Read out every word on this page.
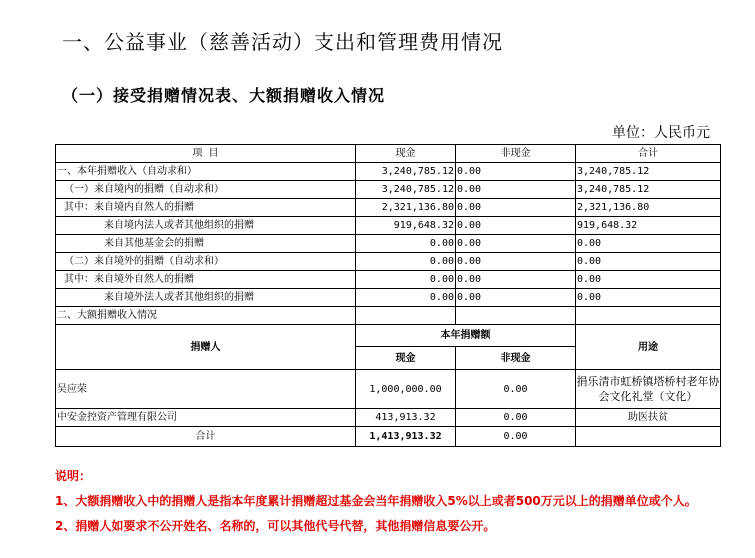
一、公益事业（慈善活动）支出和管理费用情况
（一）接受捐赠情况表、大额捐赠收入情况
单位：人民币元
项 目	现金	非现金	合计
一、本年捐赠收入（自动求和）	3,240,785.12	0.00	3,240,785.12
（一）来自境内的捐赠（自动求和）	3,240,785.12	0.00	3,240,785.12
其中：来自境内自然人的捐赠	2,321,136.80	0.00	2,321,136.80
来自境内法人或者其他组织的捐赠	919,648.32	0.00	919,648.32
来自其他基金会的捐赠	0.00	0.00	0.00
（二）来自境外的捐赠（自动求和）	0.00	0.00	0.00
其中：来自境外自然人的捐赠	0.00	0.00	0.00
来自境外法人或者其他组织的捐赠	0.00	0.00	0.00
二、大额捐赠收入情况			
捐赠人	本年捐赠额		用途
	现金	非现金	
吴应荣	1,000,000.00	0.00	捐乐清市虹桥镇塔桥村老年协会文化礼堂（文化）
中安金控资产管理有限公司	413,913.32	0.00	助医扶贫
合计	1,413,913.32	0.00	
说明：
1、大额捐赠收入中的捐赠人是指本年度累计捐赠超过基金会当年捐赠收入5%以上或者500万元以上的捐赠单位或个人。
2、捐赠人如要求不公开姓名、名称的，可以其他代号代替，其他捐赠信息要公开。
